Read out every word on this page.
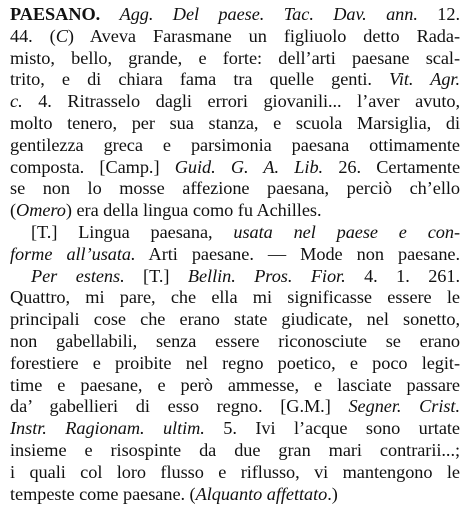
PAESANO. Agg. Del paese. Tac. Dav. ann. 12.
44. (C) Aveva Farasmane un figliuolo detto Rada-
misto, bello, grande, e forte: dell’arti paesane scal-
trito, e di chiara fama tra quelle genti. Vit. Agr.
c. 4. Ritrasselo dagli errori giovanili... l’aver avuto,
molto tenero, per sua stanza, e scuola Marsiglia, di
gentilezza greca e parsimonia paesana ottimamente
composta. [Camp.] Guid. G. A. Lib. 26. Certamente
se non lo mosse affezione paesana, perciò ch’ello
(Omero) era della lingua como fu Achilles.
[T.] Lingua paesana, usata nel paese e con-
forme all’usata. Arti paesane. — Mode non paesane.
Per estens. [T.] Bellin. Pros. Fior. 4. 1. 261.
Quattro, mi pare, che ella mi significasse essere le
principali cose che erano state giudicate, nel sonetto,
non gabellabili, senza essere riconosciute se erano
forestiere e proibite nel regno poetico, e poco legit-
time e paesane, e però ammesse, e lasciate passare
da’ gabellieri di esso regno. [G.M.] Segner. Crist.
Instr. Ragionam. ultim. 5. Ivi l’acque sono urtate
insieme e risospinte da due gran mari contrarii...;
i quali col loro flusso e riflusso, vi mantengono le
tempeste come paesane. (Alquanto affettato.)
